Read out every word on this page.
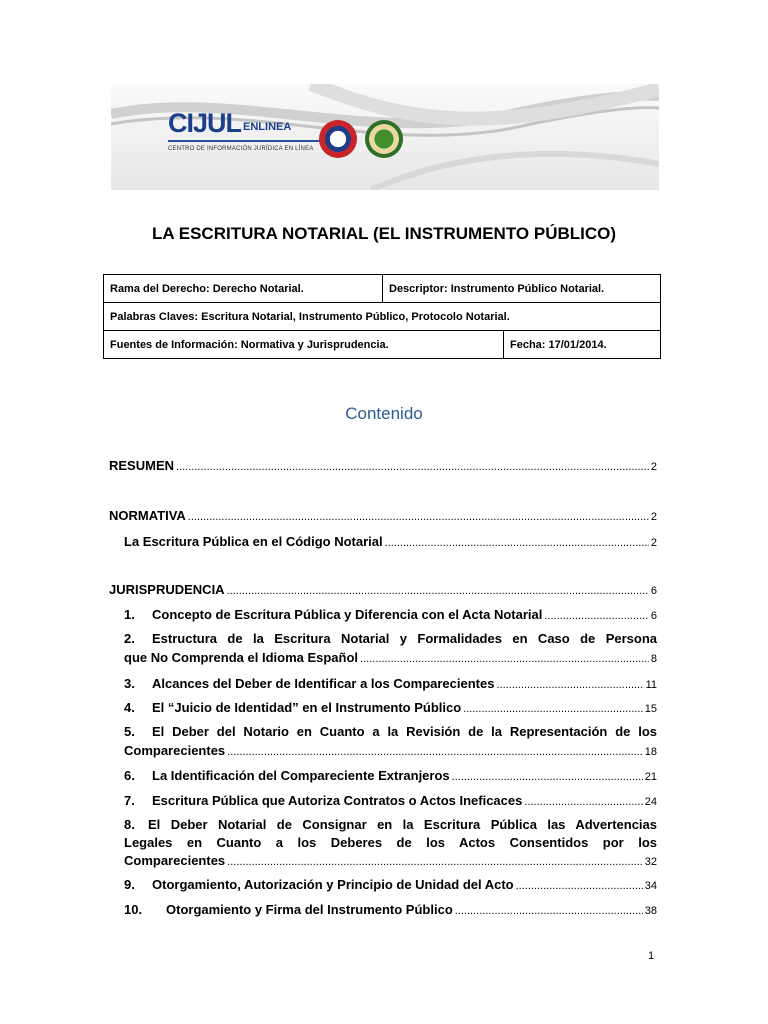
CIJUL ENLINEA
CENTRO DE INFORMACIÓN JURÍDICA EN LÍNEA
LA ESCRITURA NOTARIAL (EL INSTRUMENTO PÚBLICO)
Rama del Derecho: Derecho Notarial.	Descriptor: Instrumento Público Notarial.	
Palabras Claves: Escritura Notarial, Instrumento Público, Protocolo Notarial.		
Fuentes de Información: Normativa y Jurisprudencia.		Fecha: 17/01/2014.
Contenido
RESUMEN .....	2
NORMATIVA .....	2
La Escritura Pública en el Código Notarial .....	2
JURISPRUDENCIA .....	6
1.	Concepto de Escritura Pública y Diferencia con el Acta Notarial .....	6
2. Estructura de la Escritura Notarial y Formalidades en Caso de Persona
que No Comprenda el Idioma Español .....	8
3.	Alcances del Deber de Identificar a los Comparecientes .....	11
4.	El “Juicio de Identidad” en el Instrumento Público .....	15
5. El Deber del Notario en Cuanto a la Revisión de la Representación de los
Comparecientes .....	18
6.	La Identificación del Compareciente Extranjeros .....	21
7.	Escritura Pública que Autoriza Contratos o Actos Ineficaces .....	24
8. El Deber Notarial de Consignar en la Escritura Pública las Advertencias
Legales en Cuanto a los Deberes de los Actos Consentidos por los
Comparecientes .....	32
9.	Otorgamiento, Autorización y Principio de Unidad del Acto .....	34
10.	Otorgamiento y Firma del Instrumento Público .....	38
1
